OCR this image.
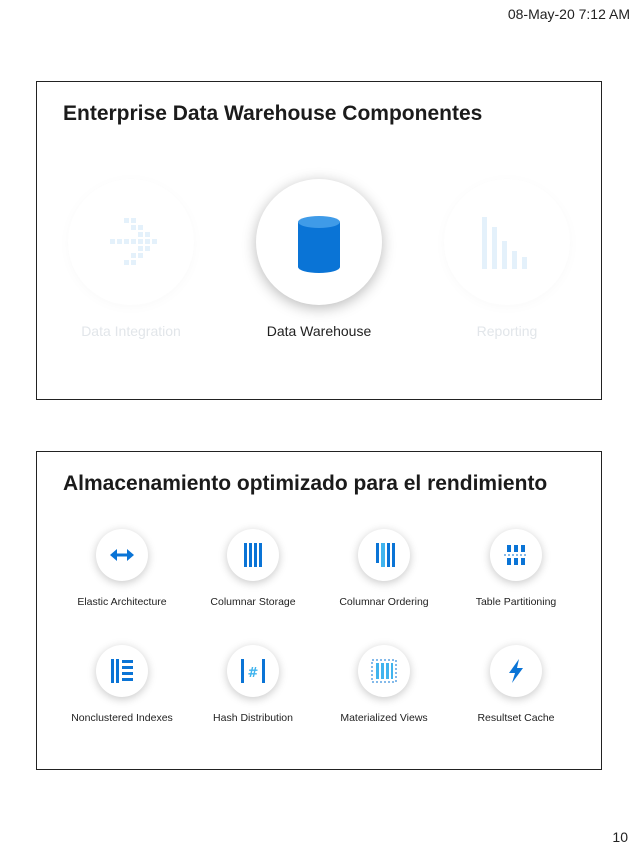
08-May-20 7:12 AM
Enterprise Data Warehouse Componentes
Data Integration	Data Warehouse	Reporting
Almacenamiento optimizado para el rendimiento
Elastic Architecture	Columnar Storage	Columnar Ordering	Table Partitioning
Nonclustered Indexes
#
Hash Distribution	Materialized Views	Resultset Cache
10
